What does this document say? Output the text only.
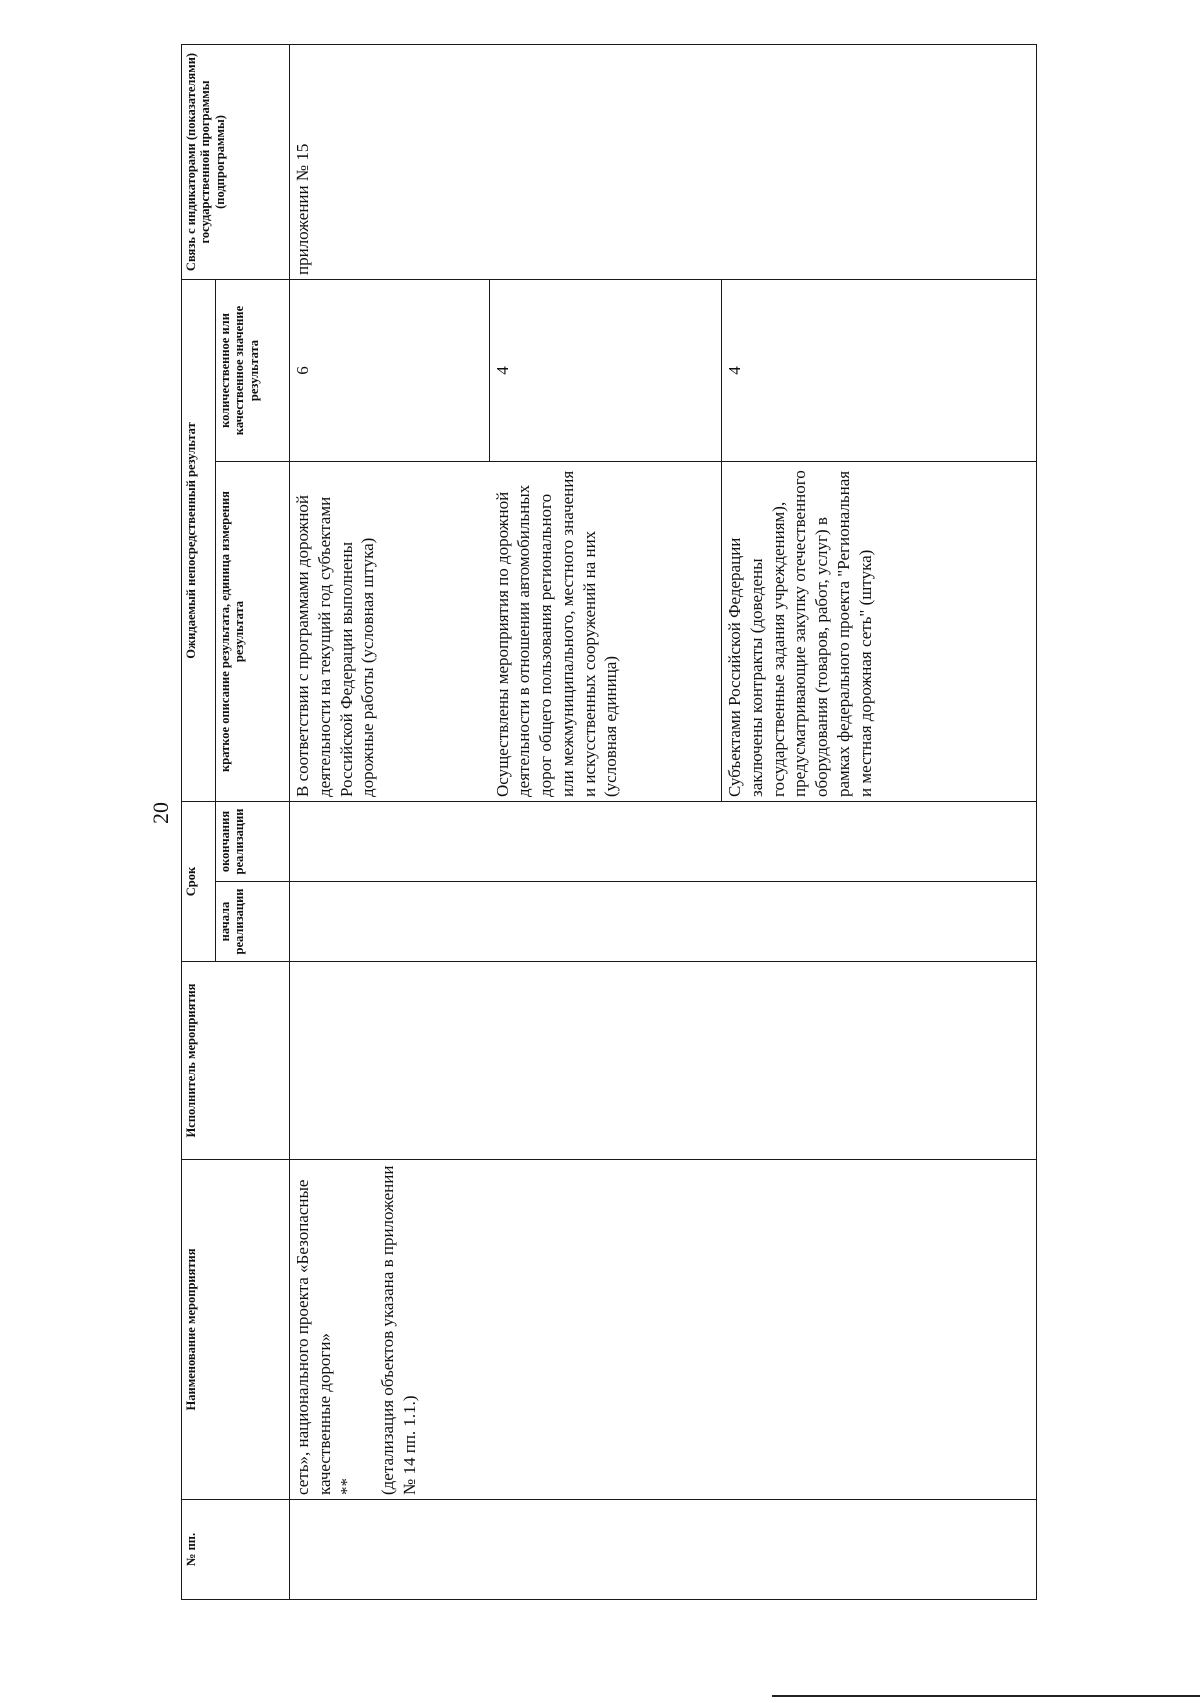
20
№ пп.	Наименование мероприятия	Исполнитель мероприятия	Срок		Ожидаемый непосредственный результат		Связь с индикаторами (показателями) государственной программы (подпрограммы)
			начала реализации	окончания реализации	краткое описание результата, единица измерения результата	количественное или качественное значение результата	

	сеть», национального проекта «Безопасные качественные дороги» ** (детализация объектов указана в приложении № 14 пп. 1.1.)				В соответствии с программами дорожной деятельности на текущий год субъектами Российской Федерации выполнены дорожные работы (условная штука)	6	приложении № 15
					Осуществлены мероприятия по дорожной деятельности в отношении автомобильных дорог общего пользования регионального или межмуниципального, местного значения и искусственных сооружений на них (условная единица)	4	
					Субъектами Российской Федерации заключены контракты (доведены государственные задания учреждениям), предусматривающие закупку отечественного оборудования (товаров, работ, услуг) в рамках федерального проекта "Региональная и местная дорожная сеть" (штука)	4	
